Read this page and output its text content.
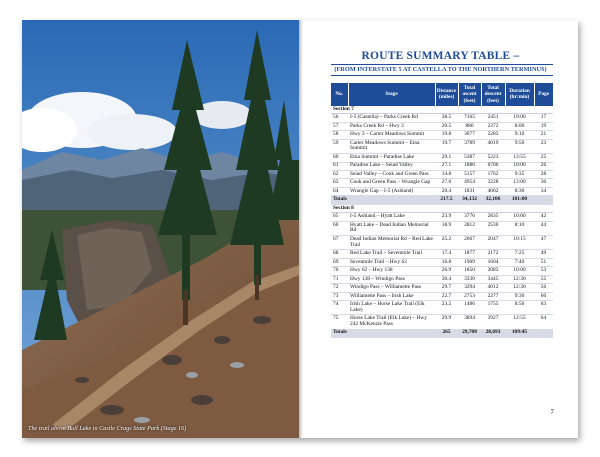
The trail above Bull Lake in Castle Crags State Park (Stage 16)
ROUTE SUMMARY TABLE –
(FROM INTERSTATE 5 AT CASTELLA TO THE NORTHERN TERMINUS)
No.	Stage	Distance (miles)	Total ascent (feet)	Total descent (feet)	Duration (hr:min)	Page
Section 7						
56	I-5 (Castella) – Parks Creek Rd	38.5	7165	2451	19:00	17
57	Parks Creek Rd – Hwy 3	20.5	886	2372	8:00	19
58	Hwy 3 – Carter Meadows Summit	19.8	3077	2283	9:10	21
59	Carter Meadows Summit – Etna Summit	19.7	3789	4019	9:50	23
60	Etna Summit – Paradise Lake	29.1	5387	5223	13:55	25
61	Paradise Lake – Seiad Valley	27.1	1886	6706	10:00	26
62	Seiad Valley – Cook and Green Pass	14.8	5157	1762	9:35	28
63	Cook and Green Pass – Wrangle Gap	27.6	4954	3228	13:00	30
64	Wrangle Gap – I-5 (Ashland)	20.4	1831	4062	8:30	34
Totals		217.5	34,132	32,106	101:00	
Section 8						
65	I-5 Ashland – Hyatt Lake	23.9	3776	2835	10:00	42
66	Hyatt Lake – Dead Indian Memorial Rd	18.9	2812	2536	8:10	44
67	Dead Indian Memorial Rd – Red Lake Trail	25.2	2667	2047	10:15	47
68	Red Lake Trail – Sevenmile Trail	17.4	1877	2172	7:25	49
69	Sevenmile Trail – Hwy 62	16.8	1969	1604	7:40	51
70	Hwy 62 – Hwy 138	26.9	1850	2083	10:00	53
71	Hwy 138 – Windigo Pass	30.4	3330	3445	12:30	55
72	Windigo Pass – Williamette Pass	29.7	3294	4012	12:30	56
73	Williamette Pass – Irish Lake	22.7	2753	2277	9:30	60
74	Irish Lake – Horse Lake Trail (Elk Lake)	23.2	1486	1755	8:50	63
75	Horse Lake Trail (Elk Lake) – Hwy 242 McKenzie Pass	29.9	3894	3927	12:55	64
Totals		265	29,708	28,693	109:45	
7
